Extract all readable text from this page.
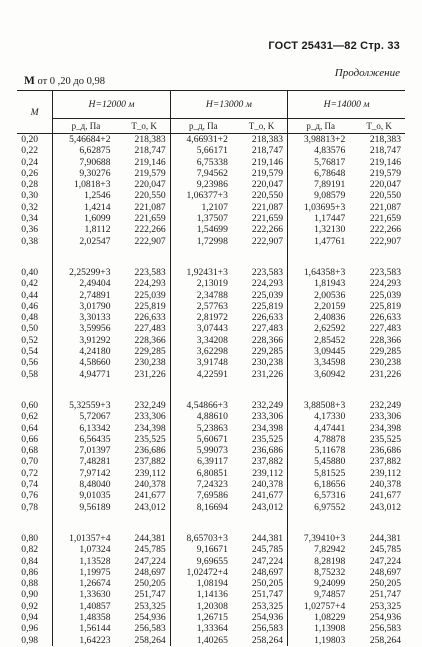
ГОСТ 25431—82 Стр. 33
Продолжение
M от 0 ,20 до 0,98
M	H=12000 м		H=13000 м		H=14000 м	
	p_д, Па	T_о, K	p_д, Па	T_о, K	p_д, Па	T_о, K
0,20	5,46684+2	218,383	4,66931+2	218,383	3,98813+2	218,383
0,22	6,62875	218,747	5,66171	218,747	4,83576	218,747
0,24	7,90688	219,146	6,75338	219,146	5,76817	219,146
0,26	9,30276	219,579	7,94562	219,579	6,78648	219,579
0,28	1,0818+3	220,047	9,23986	220,047	7,89191	220,047
0,30	1,2546	220,550	1,06377+3	220,550	9,08579	220,550
0,32	1,4214	221,087	1,2107	221,087	1,03695+3	221,087
0,34	1,6099	221,659	1,37507	221,659	1,17447	221,659
0,36	1,8112	222,266	1,54699	222,266	1,32130	222,266
0,38	2,02547	222,907	1,72998	222,907	1,47761	222,907

0,40	2,25299+3	223,583	1,92431+3	223,583	1,64358+3	223,583
0,42	2,49404	224,293	2,13019	224,293	1,81943	224,293
0,44	2,74891	225,039	2,34788	225,039	2,00536	225,039
0,46	3,01790	225,819	2,57763	225,819	2,20159	225,819
0,48	3,30133	226,633	2,81972	226,633	2,40836	226,633
0,50	3,59956	227,483	3,07443	227,483	2,62592	227,483
0,52	3,91292	228,366	3,34208	228,366	2,85452	228,366
0,54	4,24180	229,285	3,62298	229,285	3,09445	229,285
0,56	4,58660	230,238	3,91748	230,238	3,34598	230,238
0,58	4,94771	231,226	4,22591	231,226	3,60942	231,226

0,60	5,32559+3	232,249	4,54866+3	232,249	3,88508+3	232,249
0,62	5,72067	233,306	4,88610	233,306	4,17330	233,306
0,64	6,13342	234,398	5,23863	234,398	4,47441	234,398
0,66	6,56435	235,525	5,60671	235,525	4,78878	235,525
0,68	7,01397	236,686	5,99073	236,686	5,11678	236,686
0,70	7,48281	237,882	6,39117	237,882	5,45880	237,882
0,72	7,97142	239,112	6,80851	239,112	5,81525	239,112
0,74	8,48040	240,378	7,24323	240,378	6,18656	240,378
0,76	9,01035	241,677	7,69586	241,677	6,57316	241,677
0,78	9,56189	243,012	8,16694	243,012	6,97552	243,012

0,80	1,01357+4	244,381	8,65703+3	244,381	7,39410+3	244,381
0,82	1,07324	245,785	9,16671	245,785	7,82942	245,785
0,84	1,13528	247,224	9,69655	247,224	8,28198	247,224
0,86	1,19975	248,697	1,02472+4	248,697	8,75232	248,697
0,88	1,26674	250,205	1,08194	250,205	9,24099	250,205
0,90	1,33630	251,747	1,14136	251,747	9,74857	251,747
0,92	1,40857	253,325	1,20308	253,325	1,02757+4	253,325
0,94	1,48358	254,936	1,26715	254,936	1,08229	254,936
0,96	1,56144	256,583	1,33364	256,583	1,13908	256,583
0,98	1,64223	258,264	1,40265	258,264	1,19803	258,264
